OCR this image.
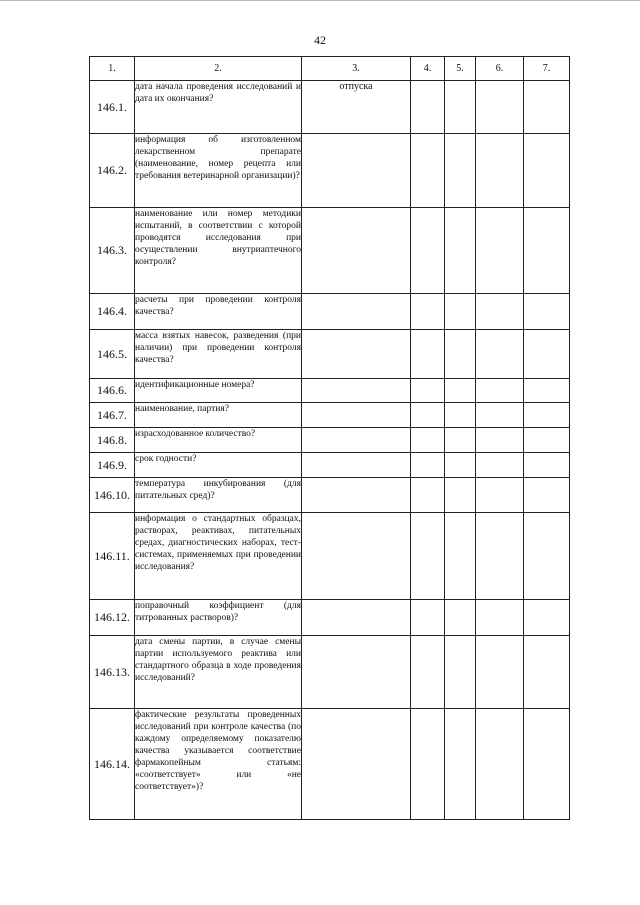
42
1.	2.	3.	4.	5.	6.	7.
146.1.	дата начала проведения исследований и дата их окончания?	отпуска				
146.2.	информация об изготовленном лекарственном препарате (наименование, номер рецепта или требования ветеринарной организации)?					
146.3.	наименование или номер методики испытаний, в соответствии с которой проводятся исследования при осуществлении внутриаптечного контроля?					
146.4.	расчеты при проведении контроля качества?					
146.5.	масса взятых навесок, разведения (при наличии) при проведении контроля качества?					
146.6.	идентификационные номера?					
146.7.	наименование, партия?					
146.8.	израсходованное количество?					
146.9.	срок годности?					
146.10.	температура инкубирования (для питательных сред)?					
146.11.	информация о стандартных образцах, растворах, реактивах, питательных средах, диагностических наборах, тест-системах, применяемых при проведении исследования?					
146.12.	поправочный коэффициент (для титрованных растворов)?					
146.13.	дата смены партии, в случае смены партии используемого реактива или стандартного образца в ходе проведения исследований?					
146.14.	фактические результаты проведенных исследований при контроле качества (по каждому определяемому показателю качества указывается соответствие фармакопейным статьям: «соответствует» или «не соответствует»)?					
